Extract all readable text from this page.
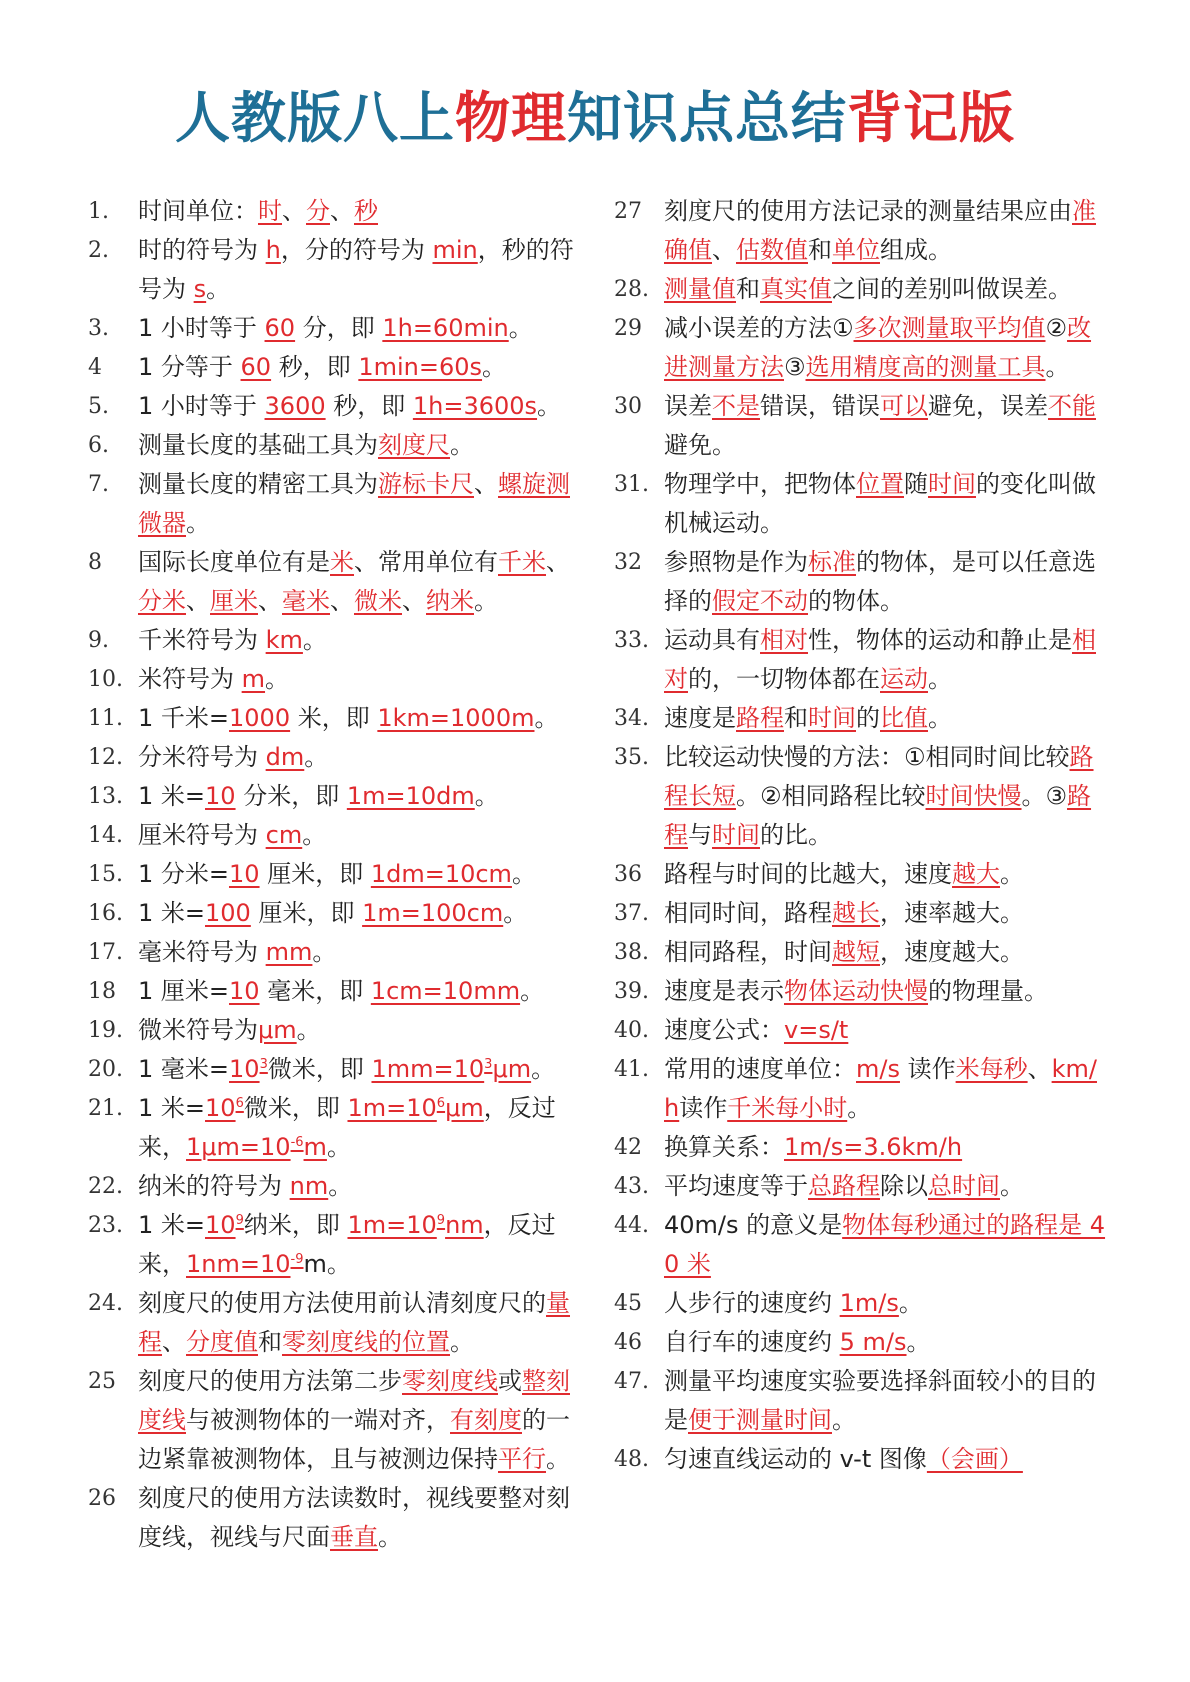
人教版八上物理知识点总结背记版
1.	时间单位：时、分、秒
2.	时的符号为 h，分的符号为 min，秒的符号为 s。
3.	1 小时等于 60 分，即 1h=60min。
4	1 分等于 60 秒，即 1min=60s。
5.	1 小时等于 3600 秒，即 1h=3600s。
6.	测量长度的基础工具为刻度尺。
7.	测量长度的精密工具为游标卡尺、螺旋测微器。
8	国际长度单位有是米、常用单位有千米、分米、厘米、毫米、微米、纳米。
9.	千米符号为 km。
10. 米符号为 m。
11. 1 千米=1000 米，即 1km=1000m。
12. 分米符号为 dm。
13. 1 米=10 分米，即 1m=10dm。
14. 厘米符号为 cm。
15. 1 分米=10 厘米，即 1dm=10cm。
16. 1 米=100 厘米，即 1m=100cm。
17. 毫米符号为 mm。
18 1 厘米=10 毫米，即 1cm=10mm。
19. 微米符号为μm。
20. 1 毫米$=10^3$微米，即 $1mm=10^3\mu m$。
21. 1 米$=10^6$微米，即 $1m=10^6\mu m$，反过来，$1\mu m=10^{-6}m$。
22. 纳米的符号为 nm。
23. 1 米$=10^9$纳米，即 $1m=10^9nm$，反过来，$1nm=10^{-9}m$。
24. 刻度尺的使用方法使用前认清刻度尺的量程、分度值和零刻度线的位置。
25 刻度尺的使用方法第二步零刻度线或整刻度线与被测物体的一端对齐，有刻度的一边紧靠被测物体，且与被测边保持平行。
26 刻度尺的使用方法读数时，视线要整对刻度线，视线与尺面垂直。
27 刻度尺的使用方法记录的测量结果应由准确值、估数值和单位组成。
28. 测量值和真实值之间的差别叫做误差。
29 减小误差的方法①多次测量取平均值②改进测量方法③选用精度高的测量工具。
30 误差不是错误，错误可以避免，误差不能避免。
31. 物理学中，把物体位置随时间的变化叫做机械运动。
32 参照物是作为标准的物体，是可以任意选择的假定不动的物体。
33. 运动具有相对性，物体的运动和静止是相对的，一切物体都在运动。
34. 速度是路程和时间的比值。
35. 比较运动快慢的方法：①相同时间比较路程长短。②相同路程比较时间快慢。③路程与时间的比。
36 路程与时间的比越大，速度越大。
37. 相同时间，路程越长，速率越大。
38. 相同路程，时间越短，速度越大。
39. 速度是表示物体运动快慢的物理量。
40. 速度公式：v=s/t
41. 常用的速度单位：m/s 读作米每秒、km/h读作千米每小时。
42 换算关系：1m/s=3.6km/h
43. 平均速度等于总路程除以总时间。
44. 40m/s 的意义是物体每秒通过的路程是 40 米
45 人步行的速度约 1m/s。
46 自行车的速度约 5 m/s。
47. 测量平均速度实验要选择斜面较小的目的是便于测量时间。
48. 匀速直线运动的 v-t 图像（会画）
